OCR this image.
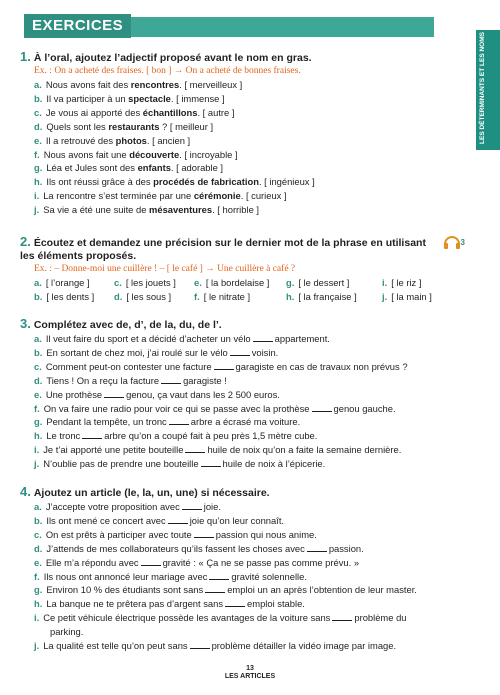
EXERCICES
LES DÉTERMINANTS ET LES NOMS
1. À l’oral, ajoutez l’adjectif proposé avant le nom en gras.
Ex. : On a acheté des fraises. [ bon ] → On a acheté de bonnes fraises.
a. Nous avons fait des rencontres. [ merveilleux ]
b. Il va participer à un spectacle. [ immense ]
c. Je vous ai apporté des échantillons. [ autre ]
d. Quels sont les restaurants ? [ meilleur ]
e. Il a retrouvé des photos. [ ancien ]
f. Nous avons fait une découverte. [ incroyable ]
g. Léa et Jules sont des enfants. [ adorable ]
h. Ils ont réussi grâce à des procédés de fabrication. [ ingénieux ]
i. La rencontre s’est terminée par une cérémonie. [ curieux ]
j. Sa vie a été une suite de mésaventures. [ horrible ]
2. Écoutez et demandez une précision sur le dernier mot de la phrase en utilisant les éléments proposés.
3
Ex. : – Donne-moi une cuillère ! – [ le café ] → Une cuillère à café ?
a. [ l’orange ]	c. [ les jouets ]	e. [ la bordelaise ]	g. [ le dessert ]	i. [ le riz ]
b. [ les dents ]	d. [ les sous ]	f. [ le nitrate ]	h. [ la française ]	j. [ la main ]
3. Complétez avec de, d’, de la, du, de l’.
a. Il veut faire du sport et a décidé d’acheter un vélo	appartement.
b. En sortant de chez moi, j’ai roulé sur le vélo	voisin.
c. Comment peut-on contester une facture	garagiste en cas de travaux non prévus ?
d. Tiens ! On a reçu la facture	garagiste !
e. Une prothèse	genou, ça vaut dans les 2 500 euros.
f. On va faire une radio pour voir ce qui se passe avec la prothèse	genou gauche.
g. Pendant la tempête, un tronc	arbre a écrasé ma voiture.
h. Le tronc	arbre qu’on a coupé fait à peu près 1,5 mètre cube.
i. Je t’ai apporté une petite bouteille	huile de noix qu’on a faite la semaine dernière.
j. N’oublie pas de prendre une bouteille	huile de noix à l’épicerie.
4. Ajoutez un article (le, la, un, une) si nécessaire.
a. J’accepte votre proposition avec	joie.
b. Ils ont mené ce concert avec	joie qu’on leur connaît.
c. On est prêts à participer avec toute	passion qui nous anime.
d. J’attends de mes collaborateurs qu’ils fassent les choses avec	passion.
e. Elle m’a répondu avec	gravité : « Ça ne se passe pas comme prévu. »
f. Ils nous ont annoncé leur mariage avec	gravité solennelle.
g. Environ 10 % des étudiants sont sans	emploi un an après l’obtention de leur master.
h. La banque ne te prêtera pas d’argent sans	emploi stable.
i. Ce petit véhicule électrique possède les avantages de la voiture sans	problème du
parking.
j. La qualité est telle qu’on peut sans	problème détailler la vidéo image par image.
13
LES ARTICLES
